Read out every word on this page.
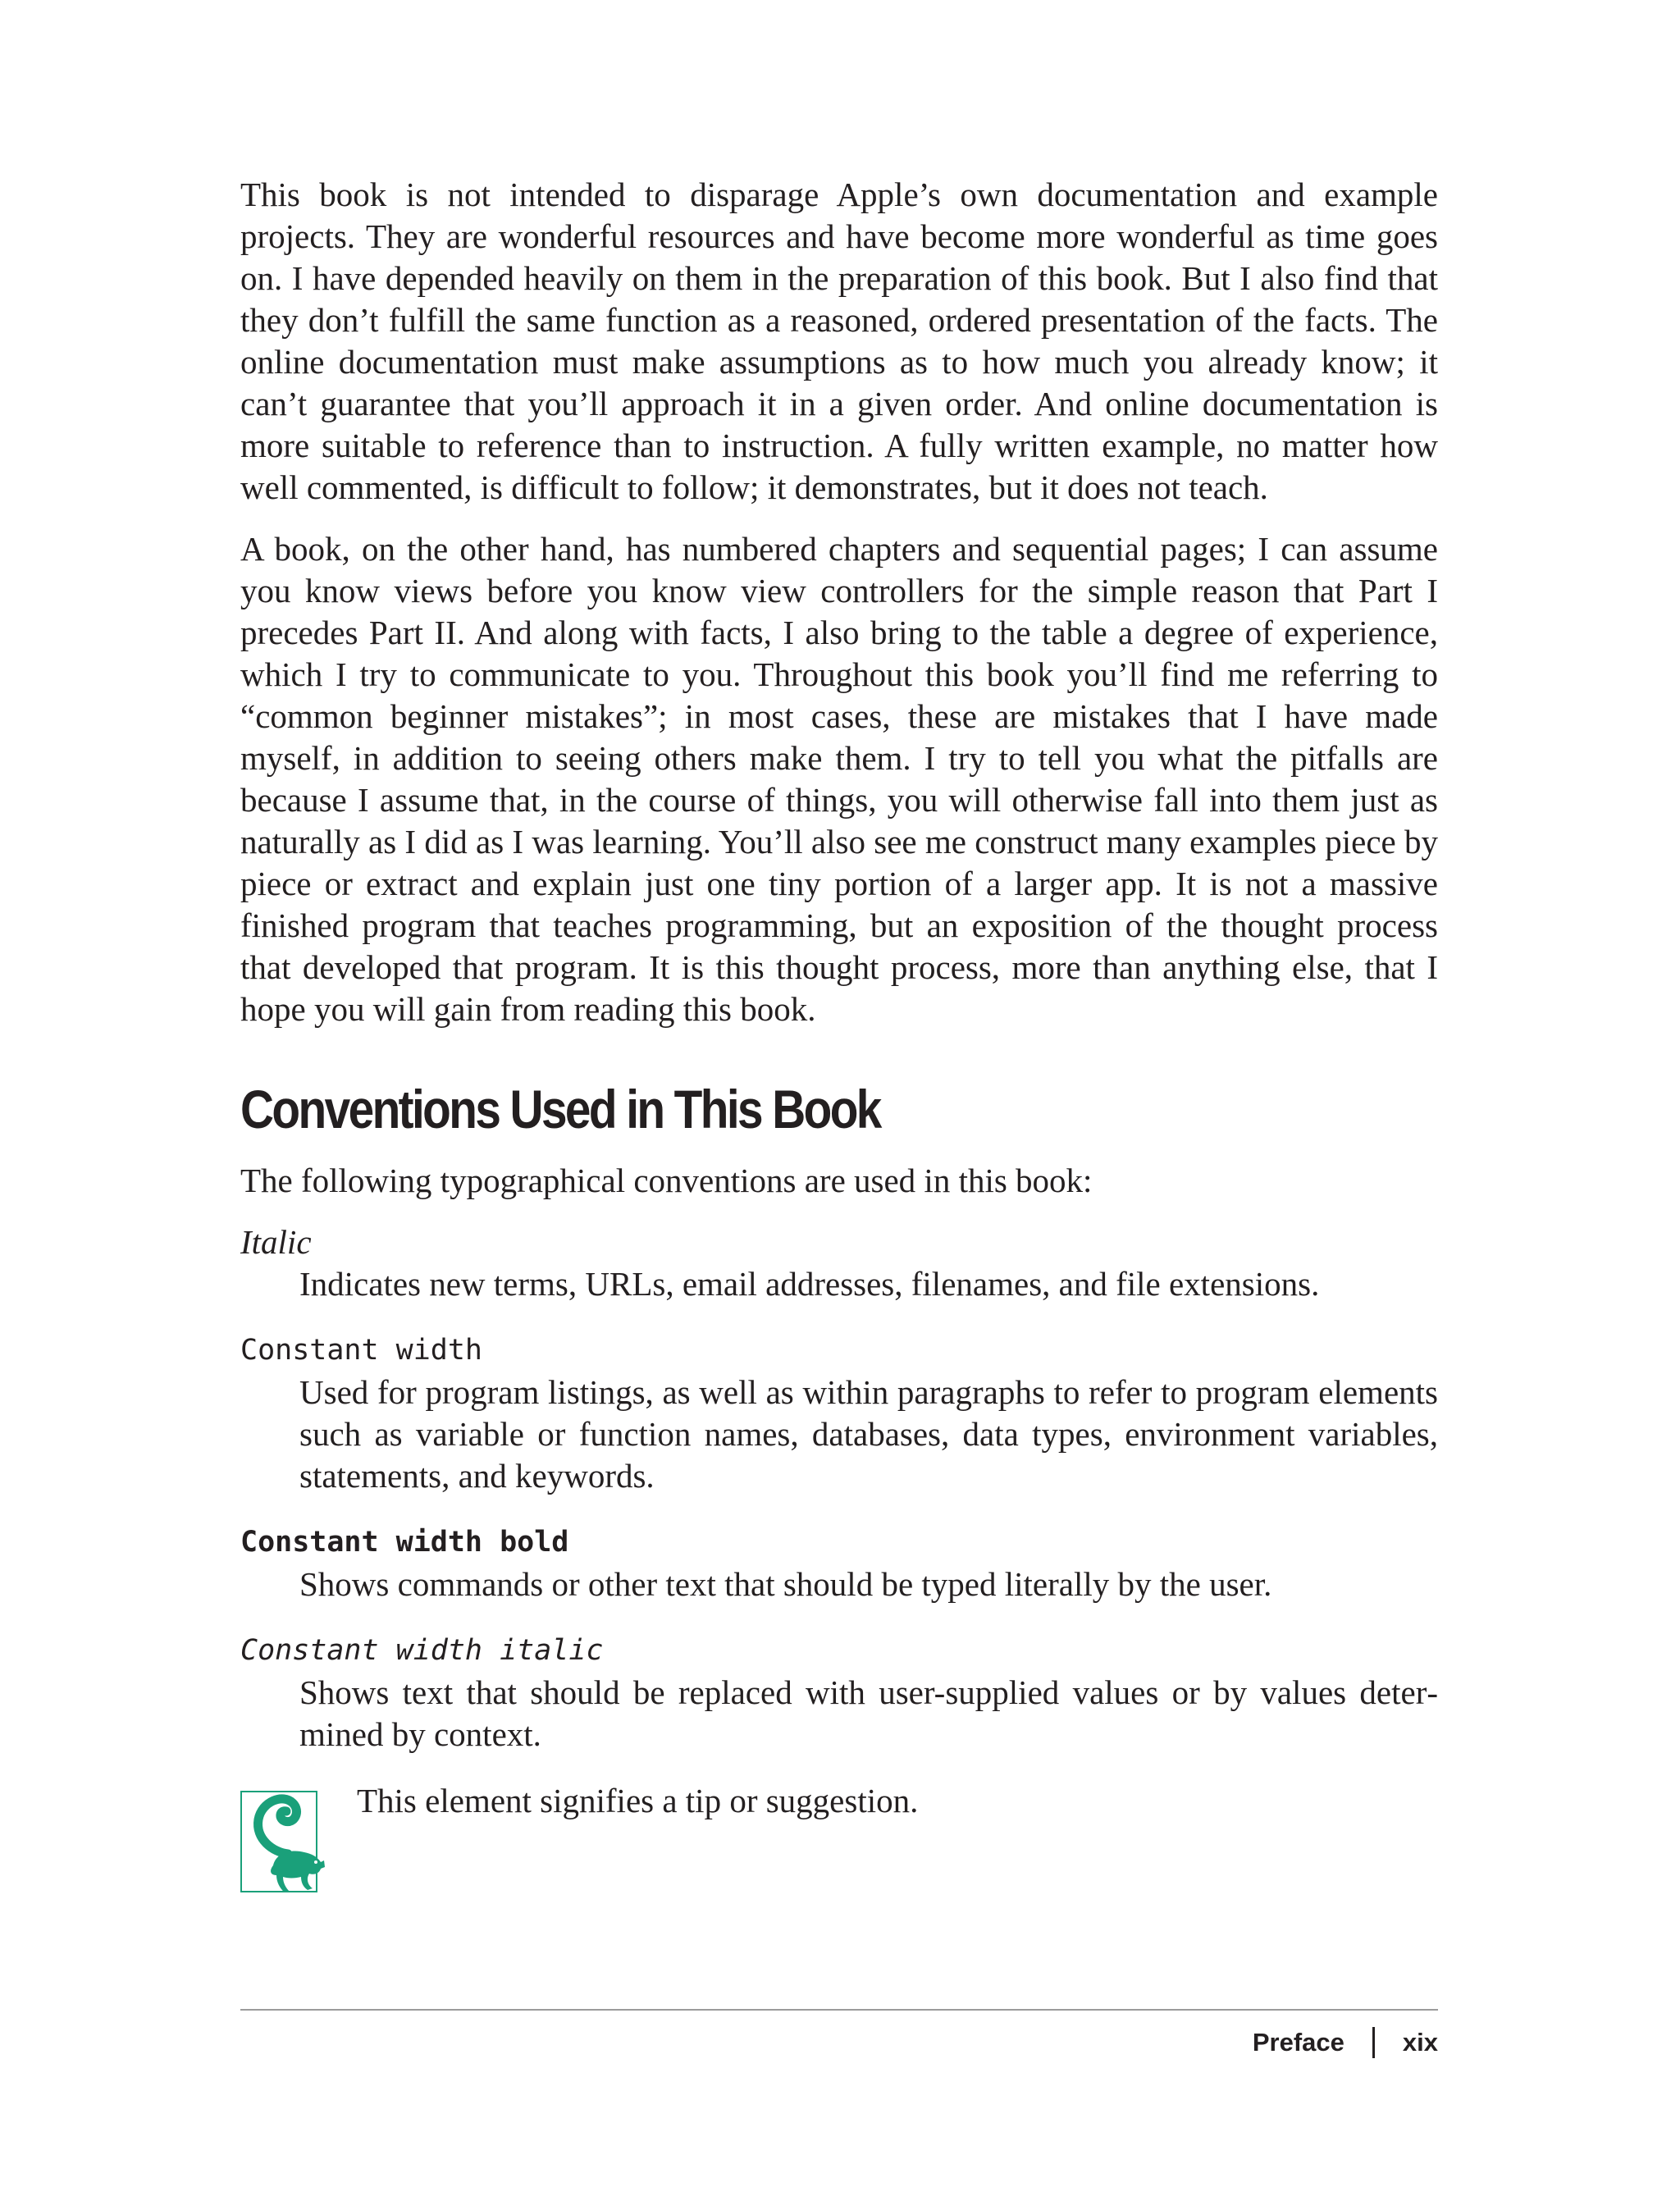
This book is not intended to disparage Apple’s own documentation and example projects. They are wonderful resources and have become more wonderful as time goes on. I have depended heavily on them in the preparation of this book. But I also find that they don’t fulfill the same function as a reasoned, ordered presentation of the facts. The online documentation must make assumptions as to how much you already know; it can’t guarantee that you’ll approach it in a given order. And online documentation is more suitable to reference than to instruction. A fully written example, no matter how well commented, is difficult to follow; it demonstrates, but it does not teach.

A book, on the other hand, has numbered chapters and sequential pages; I can assume you know views before you know view controllers for the simple reason that Part I precedes Part II. And along with facts, I also bring to the table a degree of experience, which I try to communicate to you. Throughout this book you’ll find me referring to “common beginner mistakes”; in most cases, these are mistakes that I have made myself, in addition to seeing others make them. I try to tell you what the pitfalls are because I assume that, in the course of things, you will otherwise fall into them just as naturally as I did as I was learning. You’ll also see me construct many examples piece by piece or extract and explain just one tiny portion of a larger app. It is not a massive finished program that teaches programming, but an exposition of the thought process that developed that program. It is this thought process, more than anything else, that I hope you will gain from reading this book.

Conventions Used in This Book

The following typographical conventions are used in this book:

Italic
Indicates new terms, URLs, email addresses, filenames, and file extensions.
Constant width
Used for program listings, as well as within paragraphs to refer to program elements such as variable or function names, databases, data types, environment variables, statements, and keywords.
Constant width bold
Shows commands or other text that should be typed literally by the user.
Constant width italic
Shows text that should be replaced with user-supplied values or by values determined by context.
This element signifies a tip or suggestion.
Preface xix
